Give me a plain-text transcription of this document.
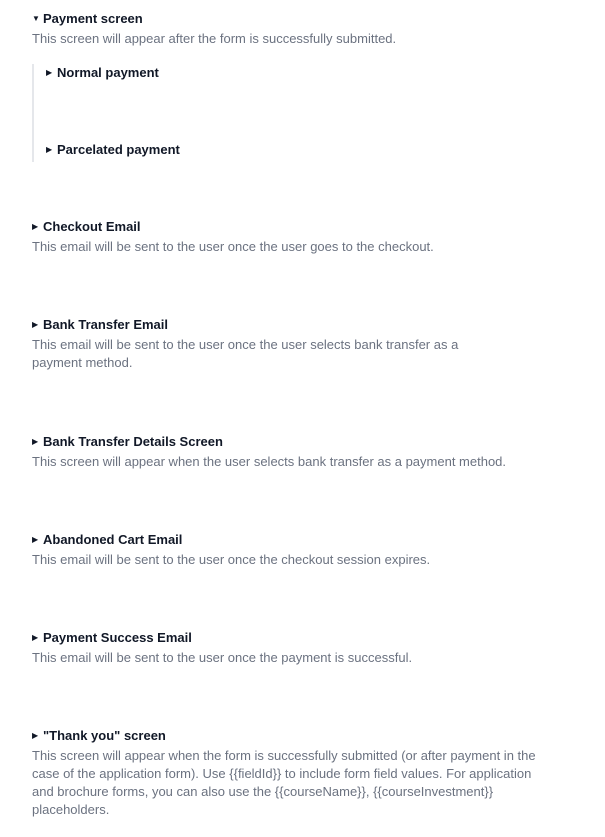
▼ Payment screen
This screen will appear after the form is successfully submitted.
▶ Normal payment
▶ Parcelated payment
▶ Checkout Email
This email will be sent to the user once the user goes to the checkout.
▶ Bank Transfer Email
This email will be sent to the user once the user selects bank transfer as a payment method.
▶ Bank Transfer Details Screen
This screen will appear when the user selects bank transfer as a payment method.
▶ Abandoned Cart Email
This email will be sent to the user once the checkout session expires.
▶ Payment Success Email
This email will be sent to the user once the payment is successful.
▶ "Thank you" screen
This screen will appear when the form is successfully submitted (or after payment in the case of the application form). Use {{fieldId}} to include form field values. For application and brochure forms, you can also use the {{courseName}}, {{courseInvestment}} placeholders.
